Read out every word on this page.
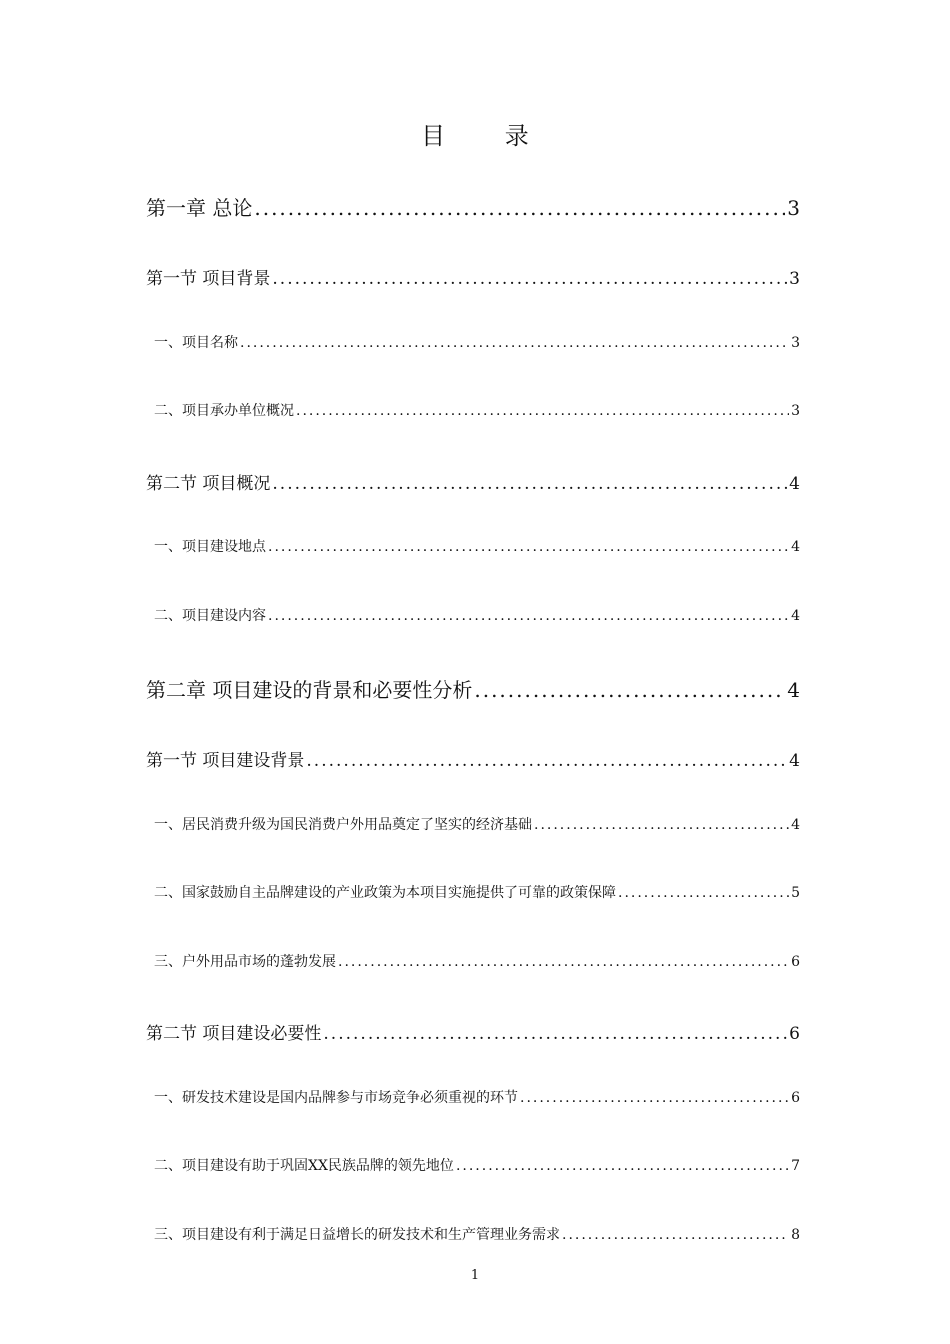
目 录
第一章 总论 .....	3
第一节 项目背景 .....	3
一、项目名称 .....	3
二、项目承办单位概况 .....	3
第二节 项目概况 .....	4
一、项目建设地点 .....	4
二、项目建设内容 .....	4
第二章 项目建设的背景和必要性分析 .....	4
第一节 项目建设背景 .....	4
一、居民消费升级为国民消费户外用品奠定了坚实的经济基础 .....	4
二、国家鼓励自主品牌建设的产业政策为本项目实施提供了可靠的政策保障 .....	5
三、户外用品市场的蓬勃发展 .....	6
第二节 项目建设必要性 .....	6
一、研发技术建设是国内品牌参与市场竞争必须重视的环节 .....	6
二、项目建设有助于巩固XX民族品牌的领先地位 .....	7
三、项目建设有利于满足日益增长的研发技术和生产管理业务需求 .....	8
1
